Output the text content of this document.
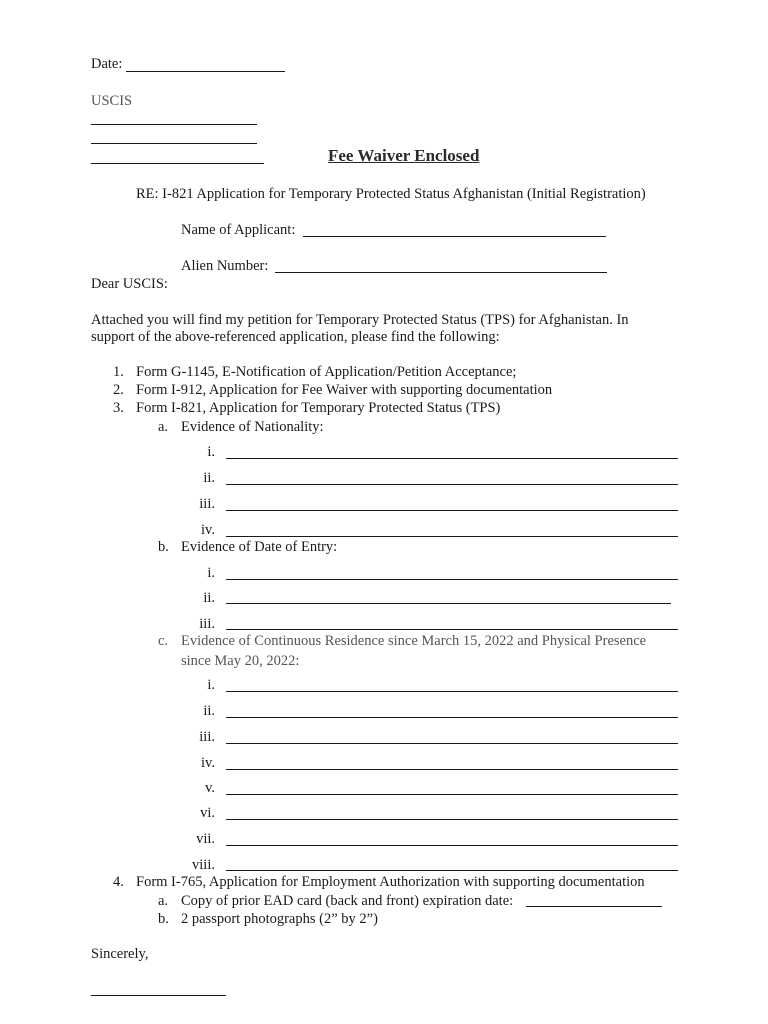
Date:
USCIS
Fee Waiver Enclosed
RE: I-821 Application for Temporary Protected Status Afghanistan (Initial Registration)
Name of Applicant:
Alien Number:
Dear USCIS:
Attached you will find my petition for Temporary Protected Status (TPS) for Afghanistan. In
support of the above-referenced application, please find the following:
1. Form G-1145, E-Notification of Application/Petition Acceptance;
2. Form I-912, Application for Fee Waiver with supporting documentation
3. Form I-821, Application for Temporary Protected Status (TPS)
a. Evidence of Nationality:
i.
ii.
iii.
iv.
b. Evidence of Date of Entry:
i.
ii.
iii.
c. Evidence of Continuous Residence since March 15, 2022 and Physical Presence
since May 20, 2022:
i.
ii.
iii.
iv.
v.
vi.
vii.
viii.
4. Form I-765, Application for Employment Authorization with supporting documentation
a. Copy of prior EAD card (back and front) expiration date:
b. 2 passport photographs (2” by 2”)
Sincerely,
